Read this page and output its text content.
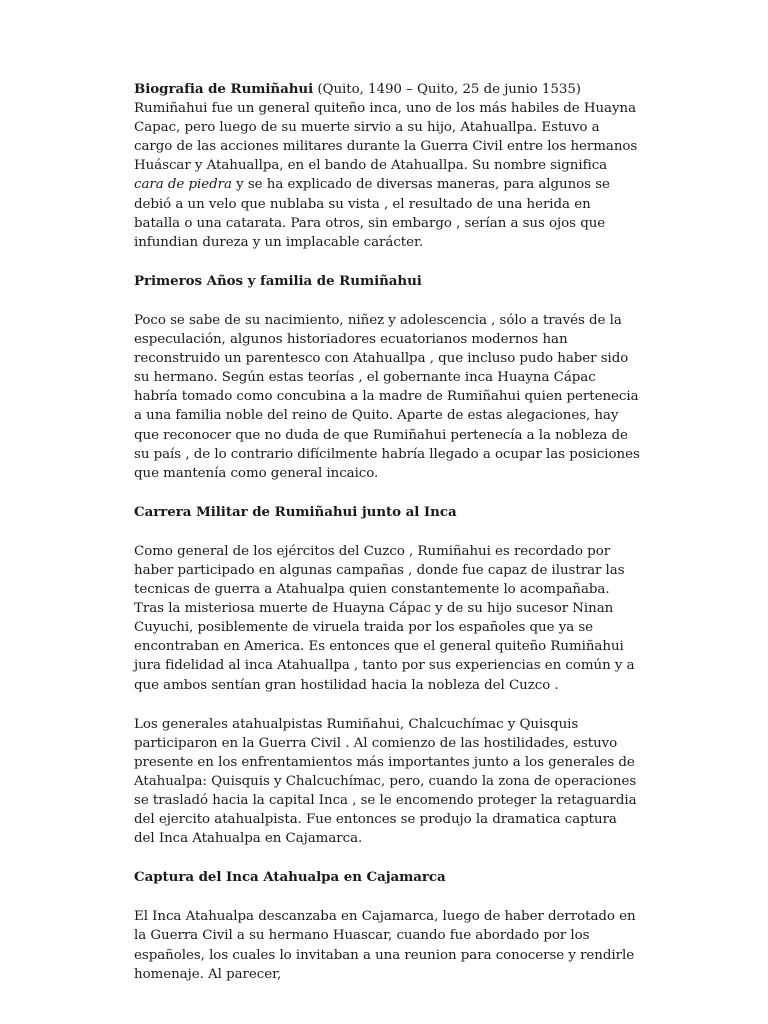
Biografia de Rumiñahui (Quito, 1490 – Quito, 25 de junio 1535) Rumiñahui fue un general quiteño inca, uno de los más habiles de Huayna Capac, pero luego de su muerte sirvio a su hijo, Atahuallpa. Estuvo a cargo de las acciones militares durante la Guerra Civil entre los hermanos Huáscar y Atahuallpa, en el bando de Atahuallpa. Su nombre significa cara de piedra y se ha explicado de diversas maneras, para algunos se debió a un velo que nublaba su vista , el resultado de una herida en batalla o una catarata. Para otros, sin embargo , serían a sus ojos que infundian dureza y un implacable carácter.

Primeros Años y familia de Rumiñahui

Poco se sabe de su nacimiento, niñez y adolescencia , sólo a través de la especulación, algunos historiadores ecuatorianos modernos han reconstruido un parentesco con Atahuallpa , que incluso pudo haber sido su hermano. Según estas teorías , el gobernante inca Huayna Cápac habría tomado como concubina a la madre de Rumiñahui quien pertenecia a una familia noble del reino de Quito. Aparte de estas alegaciones, hay que reconocer que no duda de que Rumiñahui pertenecía a la nobleza de su país , de lo contrario difícilmente habría llegado a ocupar las posiciones que mantenía como general incaico.

Carrera Militar de Rumiñahui junto al Inca

Como general de los ejércitos del Cuzco , Rumiñahui es recordado por haber participado en algunas campañas , donde fue capaz de ilustrar las tecnicas de guerra a Atahualpa quien constantemente lo acompañaba. Tras la misteriosa muerte de Huayna Cápac y de su hijo sucesor Ninan Cuyuchi, posiblemente de viruela traida por los españoles que ya se encontraban en America. Es entonces que el general quiteño Rumiñahui jura fidelidad al inca Atahuallpa , tanto por sus experiencias en común y a que ambos sentían gran hostilidad hacia la nobleza del Cuzco .

Los generales atahualpistas Rumiñahui, Chalcuchímac y Quisquis participaron en la Guerra Civil . Al comienzo de las hostilidades, estuvo presente en los enfrentamientos más importantes junto a los generales de Atahualpa: Quisquis y Chalcuchímac, pero, cuando la zona de operaciones se trasladó hacia la capital Inca , se le encomendo proteger la retaguardia del ejercito atahualpista. Fue entonces se produjo la dramatica captura del Inca Atahualpa en Cajamarca.

Captura del Inca Atahualpa en Cajamarca

El Inca Atahualpa descanzaba en Cajamarca, luego de haber derrotado en la Guerra Civil a su hermano Huascar, cuando fue abordado por los españoles, los cuales lo invitaban a una reunion para conocerse y rendirle homenaje. Al parecer,
